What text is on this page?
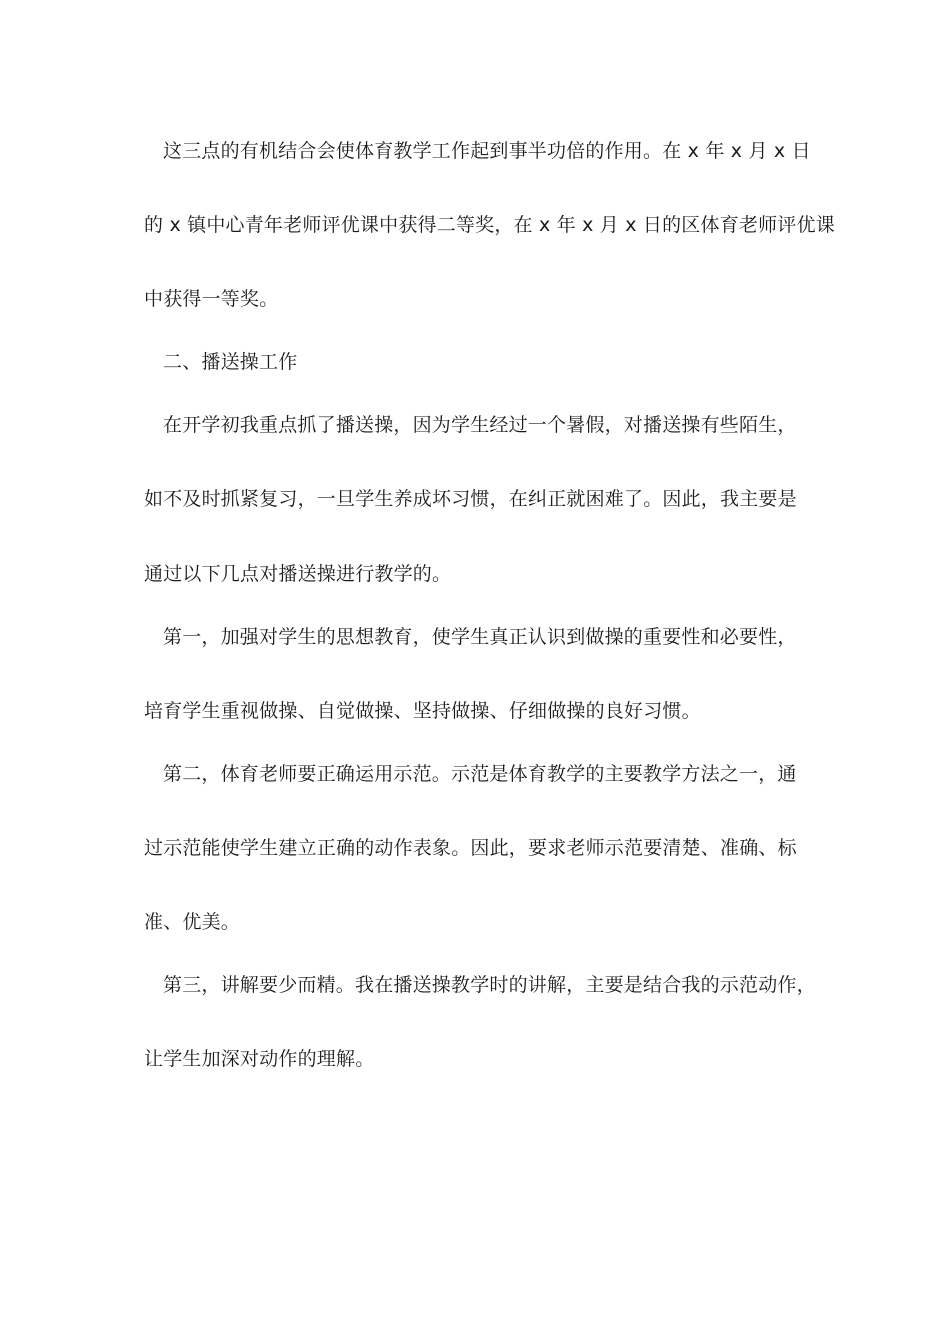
这三点的有机结合会使体育教学工作起到事半功倍的作用。在 x 年 x 月 x 日
的 x 镇中心青年老师评优课中获得二等奖，在 x 年 x 月 x 日的区体育老师评优课
中获得一等奖。
二、播送操工作
在开学初我重点抓了播送操，因为学生经过一个暑假，对播送操有些陌生，
如不及时抓紧复习，一旦学生养成坏习惯，在纠正就困难了。因此，我主要是
通过以下几点对播送操进行教学的。
第一，加强对学生的思想教育，使学生真正认识到做操的重要性和必要性，
培育学生重视做操、自觉做操、坚持做操、仔细做操的良好习惯。
第二，体育老师要正确运用示范。示范是体育教学的主要教学方法之一，通
过示范能使学生建立正确的动作表象。因此，要求老师示范要清楚、准确、标
准、优美。
第三，讲解要少而精。我在播送操教学时的讲解，主要是结合我的示范动作，
让学生加深对动作的理解。
